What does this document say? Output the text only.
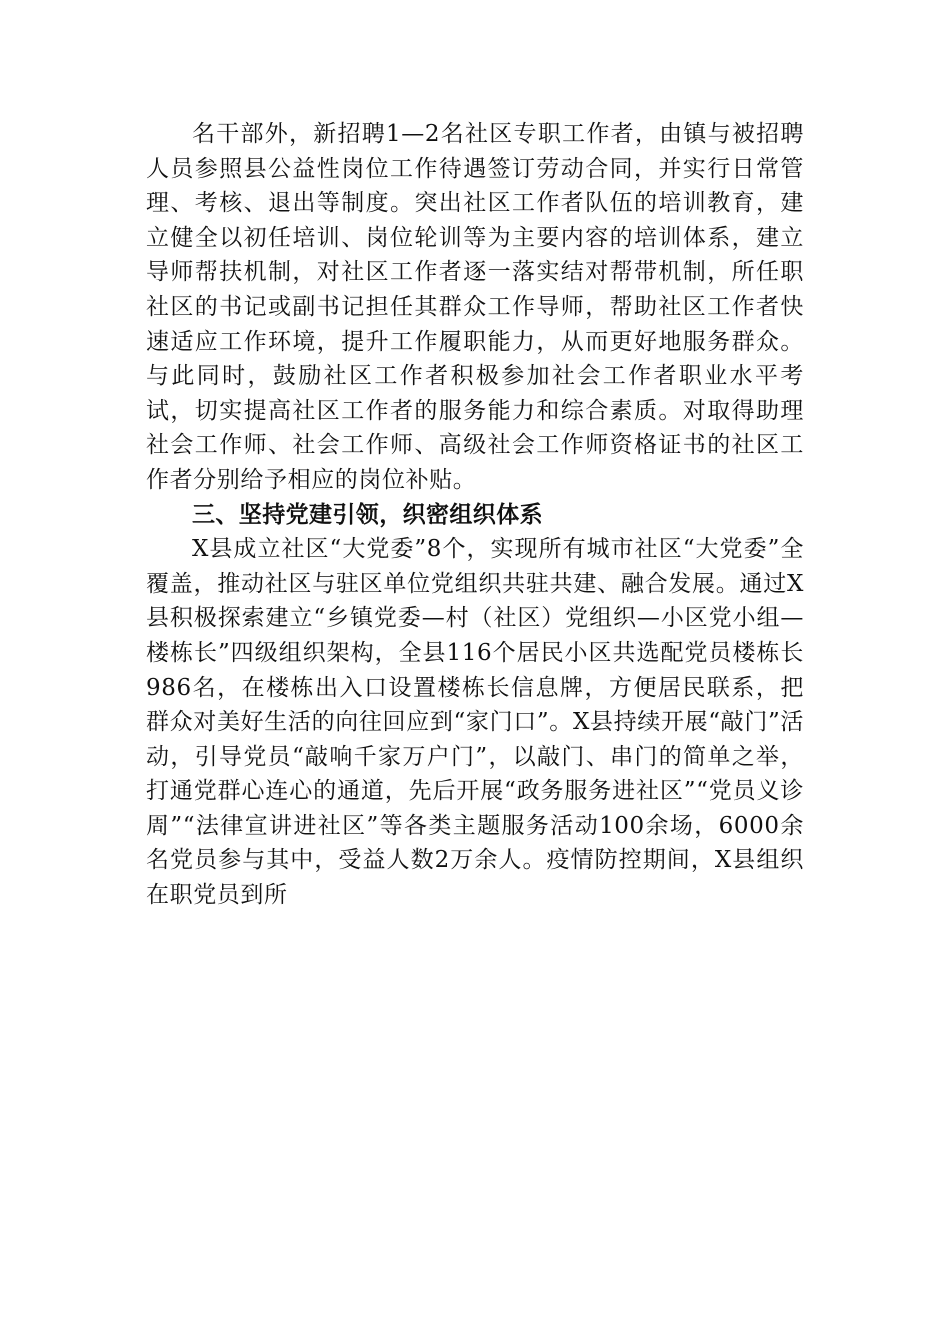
名干部外，新招聘1—2名社区专职工作者，由镇与被招聘人员参照县公益性岗位工作待遇签订劳动合同，并实行日常管理、考核、退出等制度。突出社区工作者队伍的培训教育，建立健全以初任培训、岗位轮训等为主要内容的培训体系，建立导师帮扶机制，对社区工作者逐一落实结对帮带机制，所任职社区的书记或副书记担任其群众工作导师，帮助社区工作者快速适应工作环境，提升工作履职能力，从而更好地服务群众。与此同时，鼓励社区工作者积极参加社会工作者职业水平考试，切实提高社区工作者的服务能力和综合素质。对取得助理社会工作师、社会工作师、高级社会工作师资格证书的社区工作者分别给予相应的岗位补贴。

三、坚持党建引领，织密组织体系

X县成立社区“大党委”8个，实现所有城市社区“大党委”全覆盖，推动社区与驻区单位党组织共驻共建、融合发展。通过X县积极探索建立“乡镇党委—村（社区）党组织—小区党小组—楼栋长”四级组织架构，全县116个居民小区共选配党员楼栋长986名，在楼栋出入口设置楼栋长信息牌，方便居民联系，把群众对美好生活的向往回应到“家门口”。X县持续开展“敲门”活动，引导党员“敲响千家万户门”，以敲门、串门的简单之举，打通党群心连心的通道，先后开展“政务服务进社区”“党员义诊周”“法律宣讲进社区”等各类主题服务活动100余场，6000余名党员参与其中，受益人数2万余人。疫情防控期间，X县组织在职党员到所
